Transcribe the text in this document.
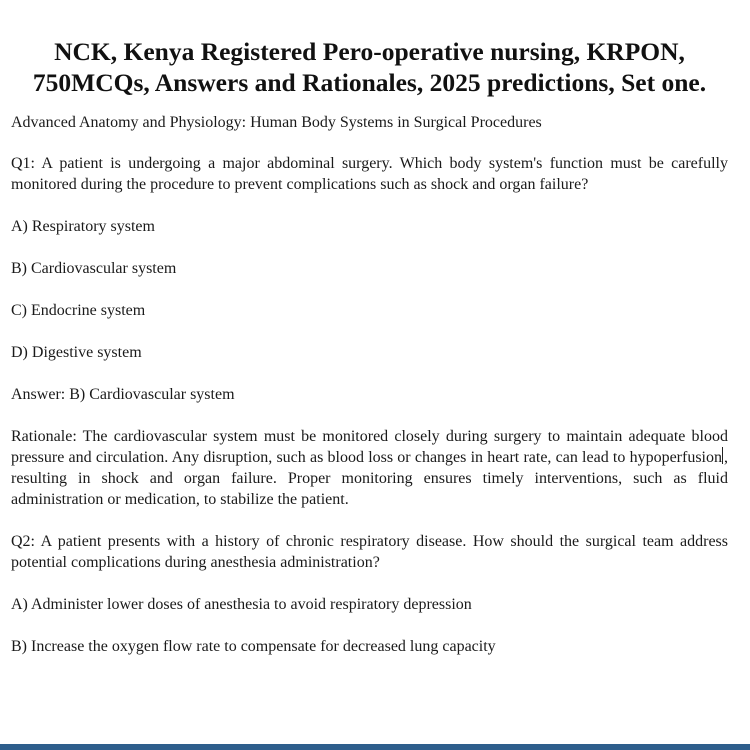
NCK, Kenya Registered Pero-operative nursing, KRPON, 750MCQs, Answers and Rationales, 2025 predictions, Set one.
Advanced Anatomy and Physiology: Human Body Systems in Surgical Procedures
Q1: A patient is undergoing a major abdominal surgery. Which body system's function must be carefully monitored during the procedure to prevent complications such as shock and organ failure?
A) Respiratory system
B) Cardiovascular system
C) Endocrine system
D) Digestive system
Answer: B) Cardiovascular system
Rationale: The cardiovascular system must be monitored closely during surgery to maintain adequate blood pressure and circulation. Any disruption, such as blood loss or changes in heart rate, can lead to hypoperfusion , resulting in shock and organ failure. Proper monitoring ensures timely interventions, such as fluid administration or medication, to stabilize the patient.
Q2: A patient presents with a history of chronic respiratory disease. How should the surgical team address potential complications during anesthesia administration?
A) Administer lower doses of anesthesia to avoid respiratory depression
B) Increase the oxygen flow rate to compensate for decreased lung capacity
